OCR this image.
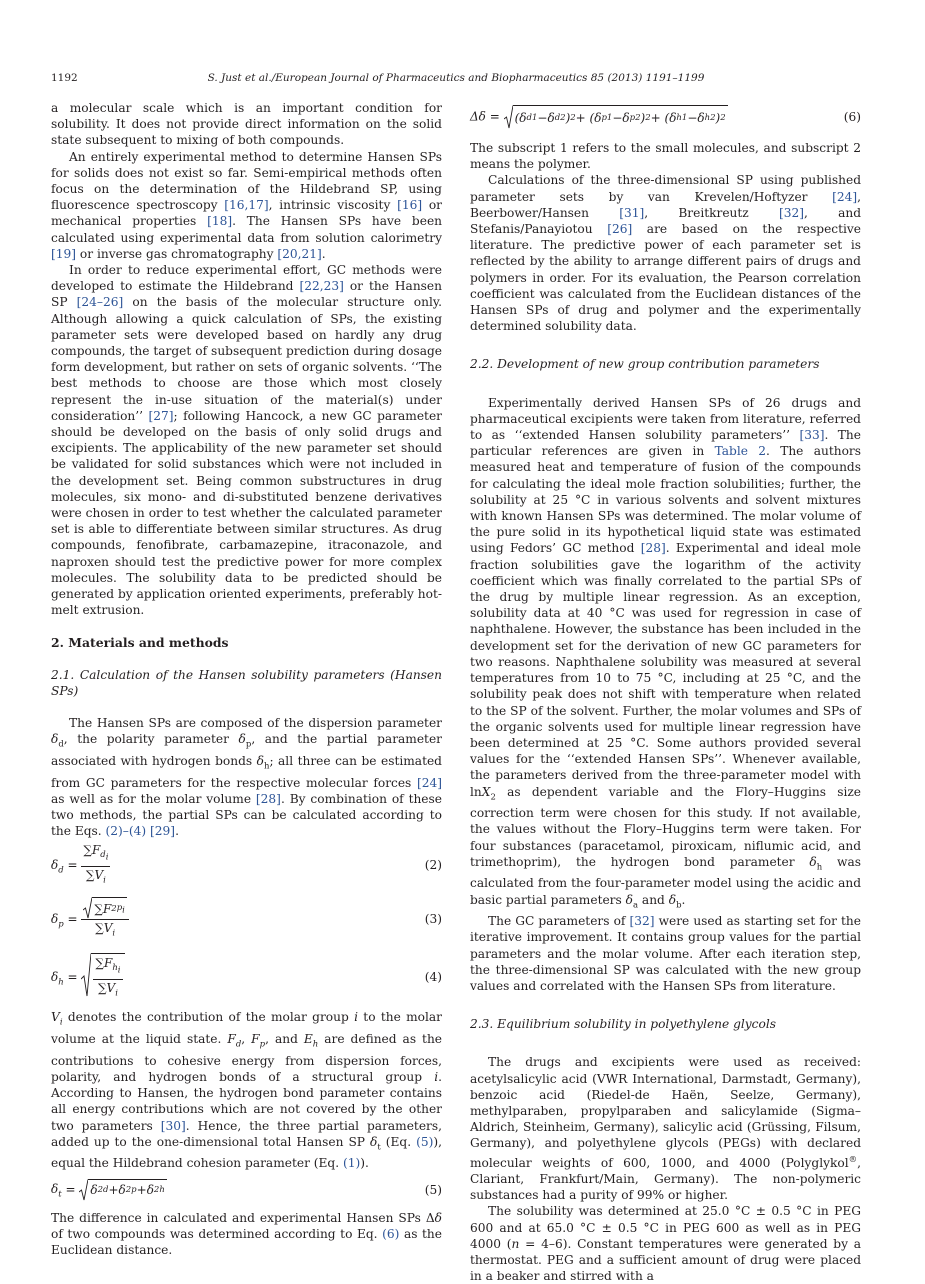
1192	S. Just et al./European Journal of Pharmaceutics and Biopharmaceutics 85 (2013) 1191–1199

a molecular scale which is an important condition for solubility. It does not provide direct information on the solid state subsequent to mixing of both compounds.

An entirely experimental method to determine Hansen SPs for solids does not exist so far. Semi-empirical methods often focus on the determination of the Hildebrand SP, using fluorescence spectroscopy [16,17], intrinsic viscosity [16] or mechanical properties [18]. The Hansen SPs have been calculated using experimental data from solution calorimetry [19] or inverse gas chromatography [20,21].

In order to reduce experimental effort, GC methods were developed to estimate the Hildebrand [22,23] or the Hansen SP [24–26] on the basis of the molecular structure only. Although allowing a quick calculation of SPs, the existing parameter sets were developed based on hardly any drug compounds, the target of subsequent prediction during dosage form development, but rather on sets of organic solvents. ‘‘The best methods to choose are those which most closely represent the in-use situation of the material(s) under consideration’’ [27]; following Hancock, a new GC parameter should be developed on the basis of only solid drugs and excipients. The applicability of the new parameter set should be validated for solid substances which were not included in the development set. Being common substructures in drug molecules, six mono- and di-substituted benzene derivatives were chosen in order to test whether the calculated parameter set is able to differentiate between similar structures. As drug compounds, fenofibrate, carbamazepine, itraconazole, and naproxen should test the predictive power for more complex molecules. The solubility data to be predicted should be generated by application oriented experiments, preferably hot-melt extrusion.

2. Materials and methods

2.1. Calculation of the Hansen solubility parameters (Hansen SPs)

The Hansen SPs are composed of the dispersion parameter $\delta_d$, the polarity parameter $\delta_p$, and the partial parameter associated with hydrogen bonds $\delta_h$; all three can be estimated from GC parameters for the respective molecular forces [24] as well as for the molar volume [28]. By combination of these two methods, the partial SPs can be calculated according to the Eqs. (2)–(4) [29].

$\delta_d = \frac{\sum F_{d_i}}{\sum V_i}$	(2)
$\delta_p = \frac{\sum F 2 p_i}{\sum V_i}$	(3)
$\delta_h = \frac{\sum F_{h_i}}{\sum V_i}$	(4)

$V_i$ denotes the contribution of the molar group i to the molar volume at the liquid state. $F_d$, $F_p$, and $E_h$ are defined as the contributions to cohesive energy from dispersion forces, polarity, and hydrogen bonds of a structural group i. According to Hansen, the hydrogen bond parameter contains all energy contributions which are not covered by the other two parameters [30]. Hence, the three partial parameters, added up to the one-dimensional total Hansen SP $\delta_t$ (Eq. (5)), equal the Hildebrand cohesion parameter (Eq. (1)).

$\delta_t = \delta$ 2 d + δ 2 p + δ 2 h	(5)

The difference in calculated and experimental Hansen SPs Δδ of two compounds was determined according to Eq. (6) as the Euclidean distance.

Δδ = ( δ d1 − δ d2 ) 2 + ( δ p1 − δ p2 ) 2 + ( δ h1 − δ h2 ) 2	(6)

The subscript 1 refers to the small molecules, and subscript 2 means the polymer.

Calculations of the three-dimensional SP using published parameter sets by van Krevelen/Hoftyzer [24], Beerbower/Hansen [31], Breitkreutz [32], and Stefanis/Panayiotou [26] are based on the respective literature. The predictive power of each parameter set is reflected by the ability to arrange different pairs of drugs and polymers in order. For its evaluation, the Pearson correlation coefficient was calculated from the Euclidean distances of the Hansen SPs of drug and polymer and the experimentally determined solubility data.

2.2. Development of new group contribution parameters

Experimentally derived Hansen SPs of 26 drugs and pharmaceutical excipients were taken from literature, referred to as ‘‘extended Hansen solubility parameters’’ [33]. The particular references are given in Table 2. The authors measured heat and temperature of fusion of the compounds for calculating the ideal mole fraction solubilities; further, the solubility at 25 °C in various solvents and solvent mixtures with known Hansen SPs was determined. The molar volume of the pure solid in its hypothetical liquid state was estimated using Fedors’ GC method [28]. Experimental and ideal mole fraction solubilities gave the logarithm of the activity coefficient which was finally correlated to the partial SPs of the drug by multiple linear regression. As an exception, solubility data at 40 °C was used for regression in case of naphthalene. However, the substance has been included in the development set for the derivation of new GC parameters for two reasons. Naphthalene solubility was measured at several temperatures from 10 to 75 °C, including at 25 °C, and the solubility peak does not shift with temperature when related to the SP of the solvent. Further, the molar volumes and SPs of the organic solvents used for multiple linear regression have been determined at 25 °C. Some authors provided several values for the ‘‘extended Hansen SPs’’. Whenever available, the parameters derived from the three-parameter model with lnX$_2$ as dependent variable and the Flory–Huggins size correction term were chosen for this study. If not available, the values without the Flory–Huggins term were taken. For four substances (paracetamol, piroxicam, niflumic acid, and trimethoprim), the hydrogen bond parameter $\delta_h$ was calculated from the four-parameter model using the acidic and basic partial parameters $\delta_a$ and $\delta_b$.

The GC parameters of [32] were used as starting set for the iterative improvement. It contains group values for the partial parameters and the molar volume. After each iteration step, the three-dimensional SP was calculated with the new group values and correlated with the Hansen SPs from literature.

2.3. Equilibrium solubility in polyethylene glycols

The drugs and excipients were used as received: acetylsalicylic acid (VWR International, Darmstadt, Germany), benzoic acid (Riedel-de Haën, Seelze, Germany), methylparaben, propylparaben and salicylamide (Sigma–Aldrich, Steinheim, Germany), salicylic acid (Grüssing, Filsum, Germany), and polyethylene glycols (PEGs) with declared molecular weights of 600, 1000, and 4000 (Polyglykol®, Clariant, Frankfurt/Main, Germany). The non-polymeric substances had a purity of 99% or higher.

The solubility was determined at 25.0 °C ± 0.5 °C in PEG 600 and at 65.0 °C ± 0.5 °C in PEG 600 as well as in PEG 4000 (n = 4–6). Constant temperatures were generated by a thermostat. PEG and a sufficient amount of drug were placed in a beaker and stirred with a
